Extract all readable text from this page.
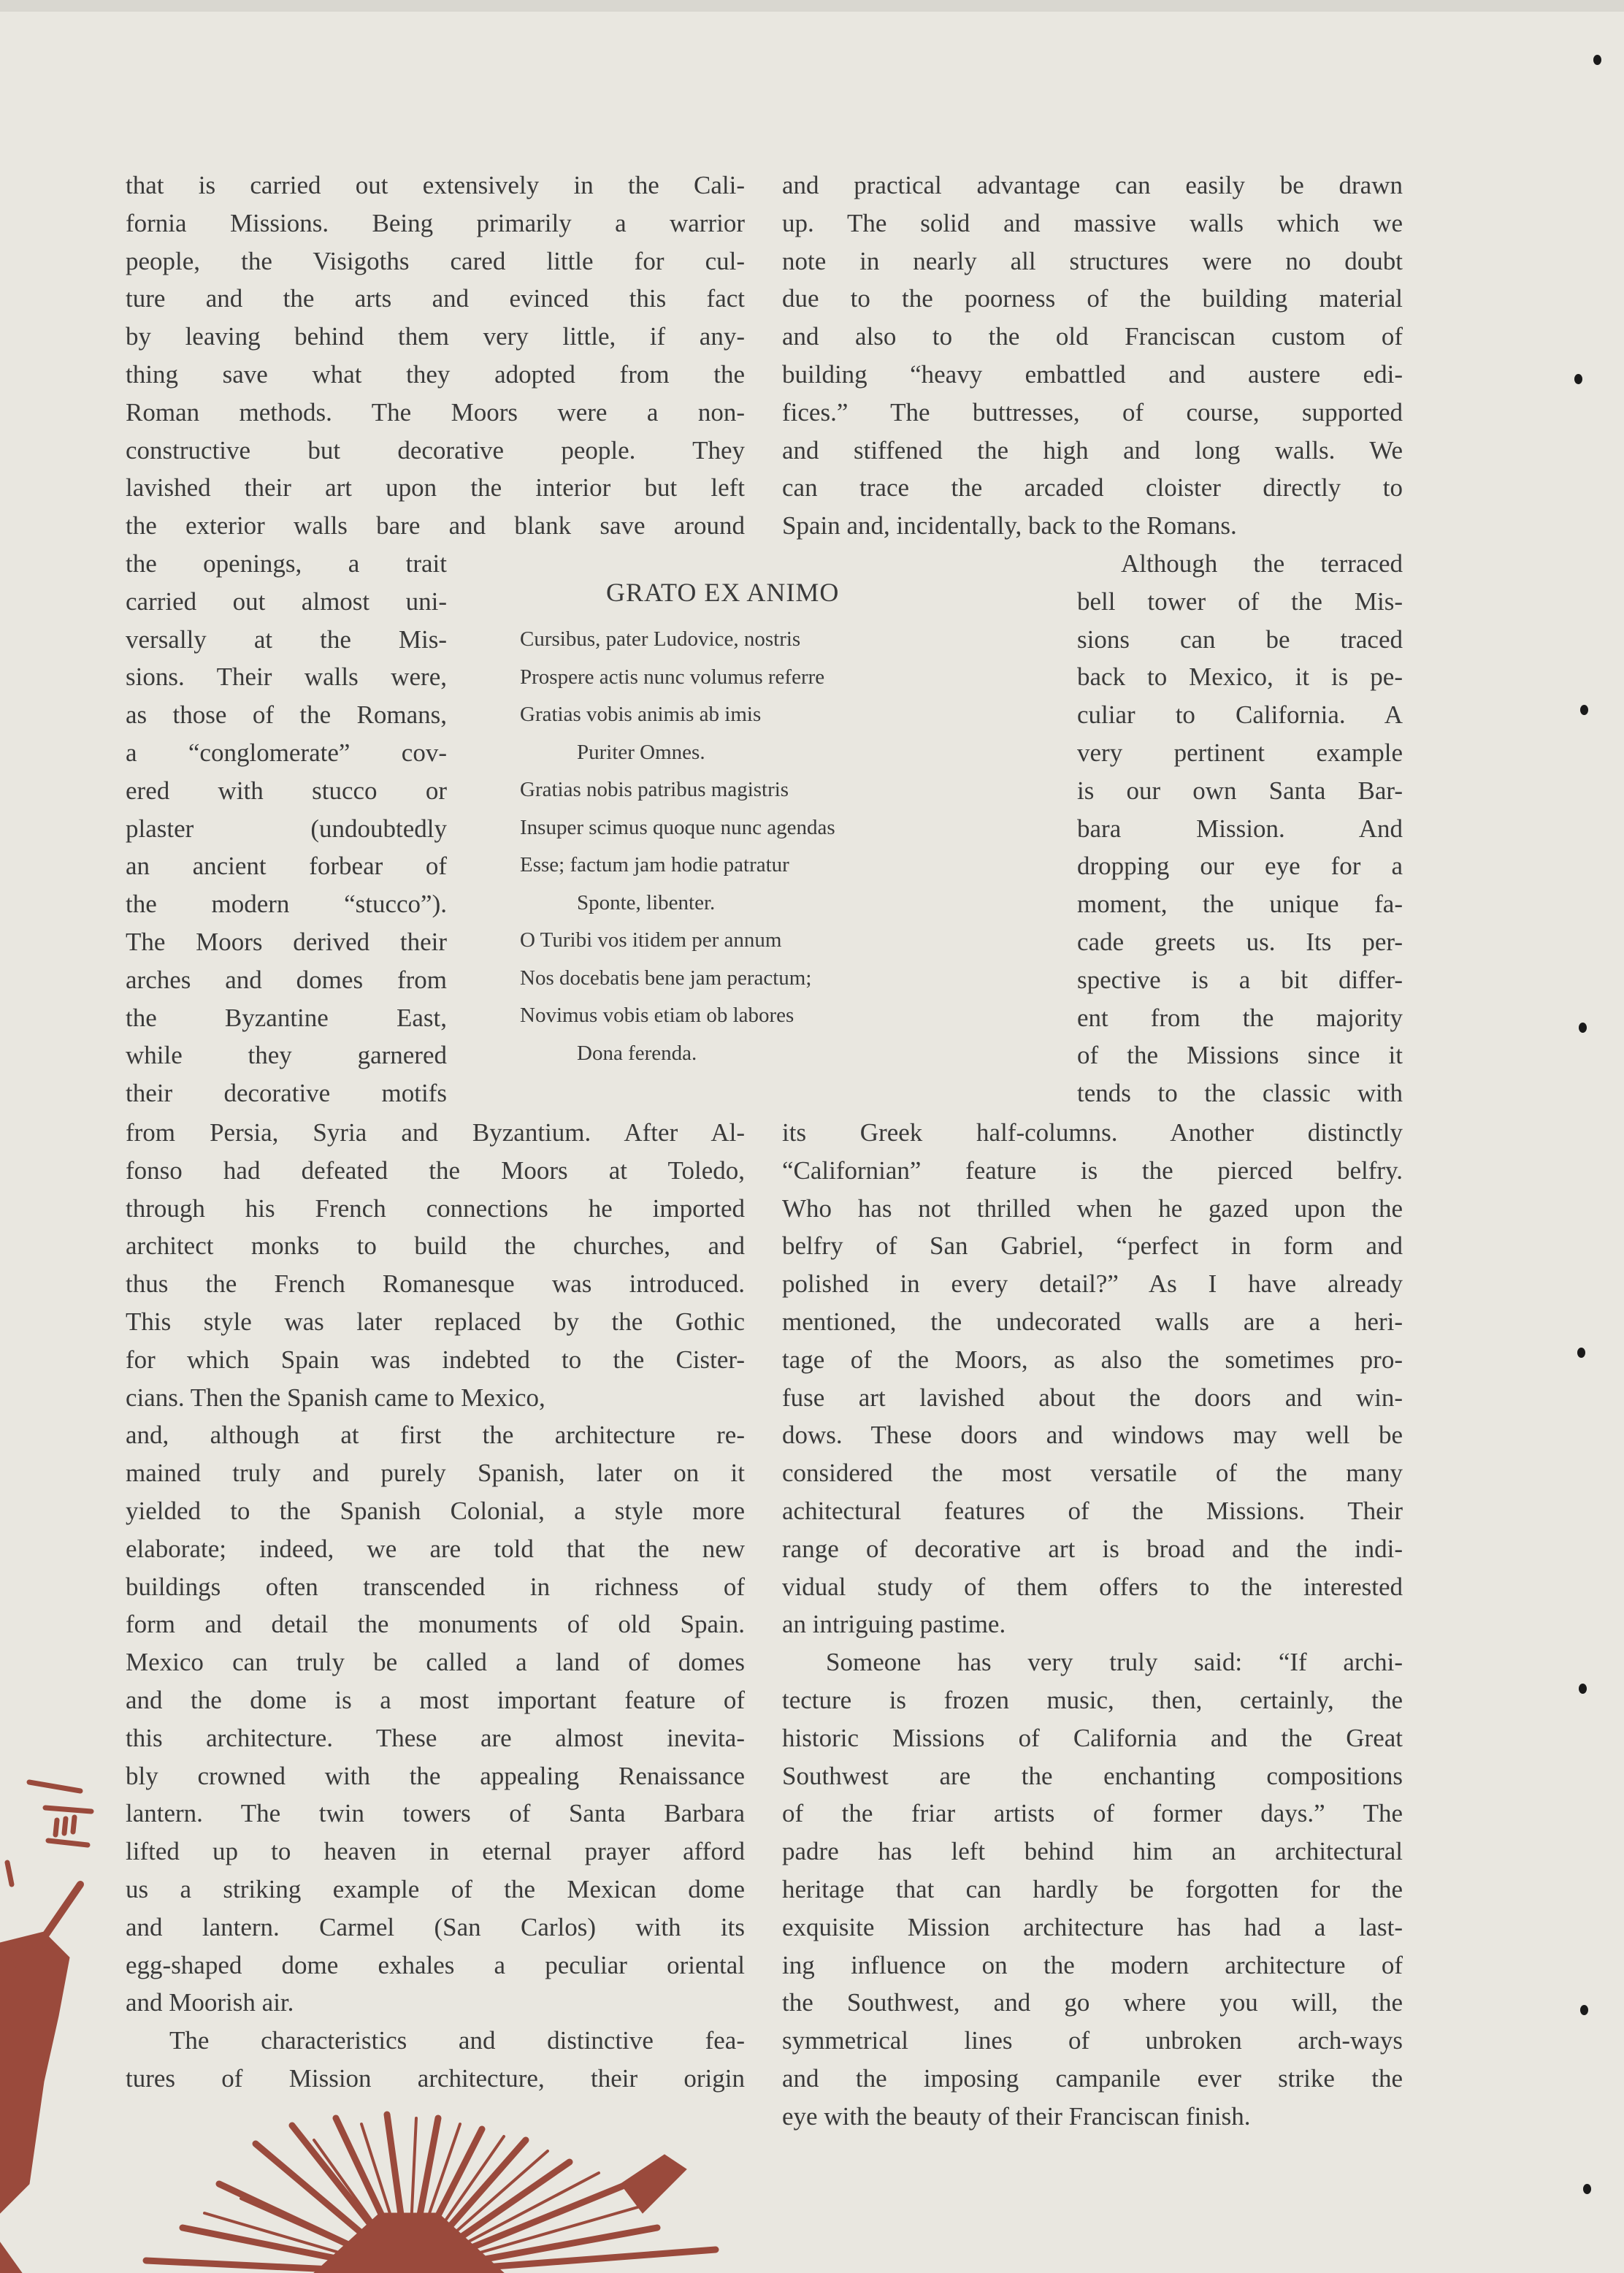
that is carried out extensively in the Cali-
fornia Missions. Being primarily a warrior
people, the Visigoths cared little for cul-
ture and the arts and evinced this fact
by leaving behind them very little, if any-
thing save what they adopted from the
Roman methods. The Moors were a non-
constructive but decorative people. They
lavished their art upon the interior but left
the exterior walls bare and blank save around
the openings, a trait
carried out almost uni-
versally at the Mis-
sions. Their walls were,
as those of the Romans,
a “conglomerate” cov-
ered with stucco or
plaster (undoubtedly
an ancient forbear of
the modern “stucco”).
The Moors derived their
arches and domes from
the Byzantine East,
while they garnered
their decorative motifs
from Persia, Syria and Byzantium. After Al-
fonso had defeated the Moors at Toledo,
through his French connections he imported
architect monks to build the churches, and
thus the French Romanesque was introduced.
This style was later replaced by the Gothic
for which Spain was indebted to the Cister-
cians. Then the Spanish came to Mexico,
and, although at first the architecture re-
mained truly and purely Spanish, later on it
yielded to the Spanish Colonial, a style more
elaborate; indeed, we are told that the new
buildings often transcended in richness of
form and detail the monuments of old Spain.
Mexico can truly be called a land of domes
and the dome is a most important feature of
this architecture. These are almost inevita-
bly crowned with the appealing Renaissance
lantern. The twin towers of Santa Barbara
lifted up to heaven in eternal prayer afford
us a striking example of the Mexican dome
and lantern. Carmel (San Carlos) with its
egg-shaped dome exhales a peculiar oriental
and Moorish air.
The characteristics and distinctive fea-
tures of Mission architecture, their origin
and practical advantage can easily be drawn
up. The solid and massive walls which we
note in nearly all structures were no doubt
due to the poorness of the building material
and also to the old Franciscan custom of
building “heavy embattled and austere edi-
fices.” The buttresses, of course, supported
and stiffened the high and long walls. We
can trace the arcaded cloister directly to
Spain and, incidentally, back to the Romans.
Although the terraced
bell tower of the Mis-
sions can be traced
back to Mexico, it is pe-
culiar to California. A
very pertinent example
is our own Santa Bar-
bara Mission. And
dropping our eye for a
moment, the unique fa-
cade greets us. Its per-
spective is a bit differ-
ent from the majority
of the Missions since it
tends to the classic with
its Greek half-columns. Another distinctly
“Californian” feature is the pierced belfry.
Who has not thrilled when he gazed upon the
belfry of San Gabriel, “perfect in form and
polished in every detail?” As I have already
mentioned, the undecorated walls are a heri-
tage of the Moors, as also the sometimes pro-
fuse art lavished about the doors and win-
dows. These doors and windows may well be
considered the most versatile of the many
achitectural features of the Missions. Their
range of decorative art is broad and the indi-
vidual study of them offers to the interested
an intriguing pastime.
Someone has very truly said: “If archi-
tecture is frozen music, then, certainly, the
historic Missions of California and the Great
Southwest are the enchanting compositions
of the friar artists of former days.” The
padre has left behind him an architectural
heritage that can hardly be forgotten for the
exquisite Mission architecture has had a last-
ing influence on the modern architecture of
the Southwest, and go where you will, the
symmetrical lines of unbroken arch-ways
and the imposing campanile ever strike the
eye with the beauty of their Franciscan finish.
GRATO EX ANIMO
Cursibus, pater Ludovice, nostris
Prospere actis nunc volumus referre
Gratias vobis animis ab imis
Puriter Omnes.
Gratias nobis patribus magistris
Insuper scimus quoque nunc agendas
Esse; factum jam hodie patratur
Sponte, libenter.
O Turibi vos itidem per annum
Nos docebatis bene jam peractum;
Novimus vobis etiam ob labores
Dona ferenda.
